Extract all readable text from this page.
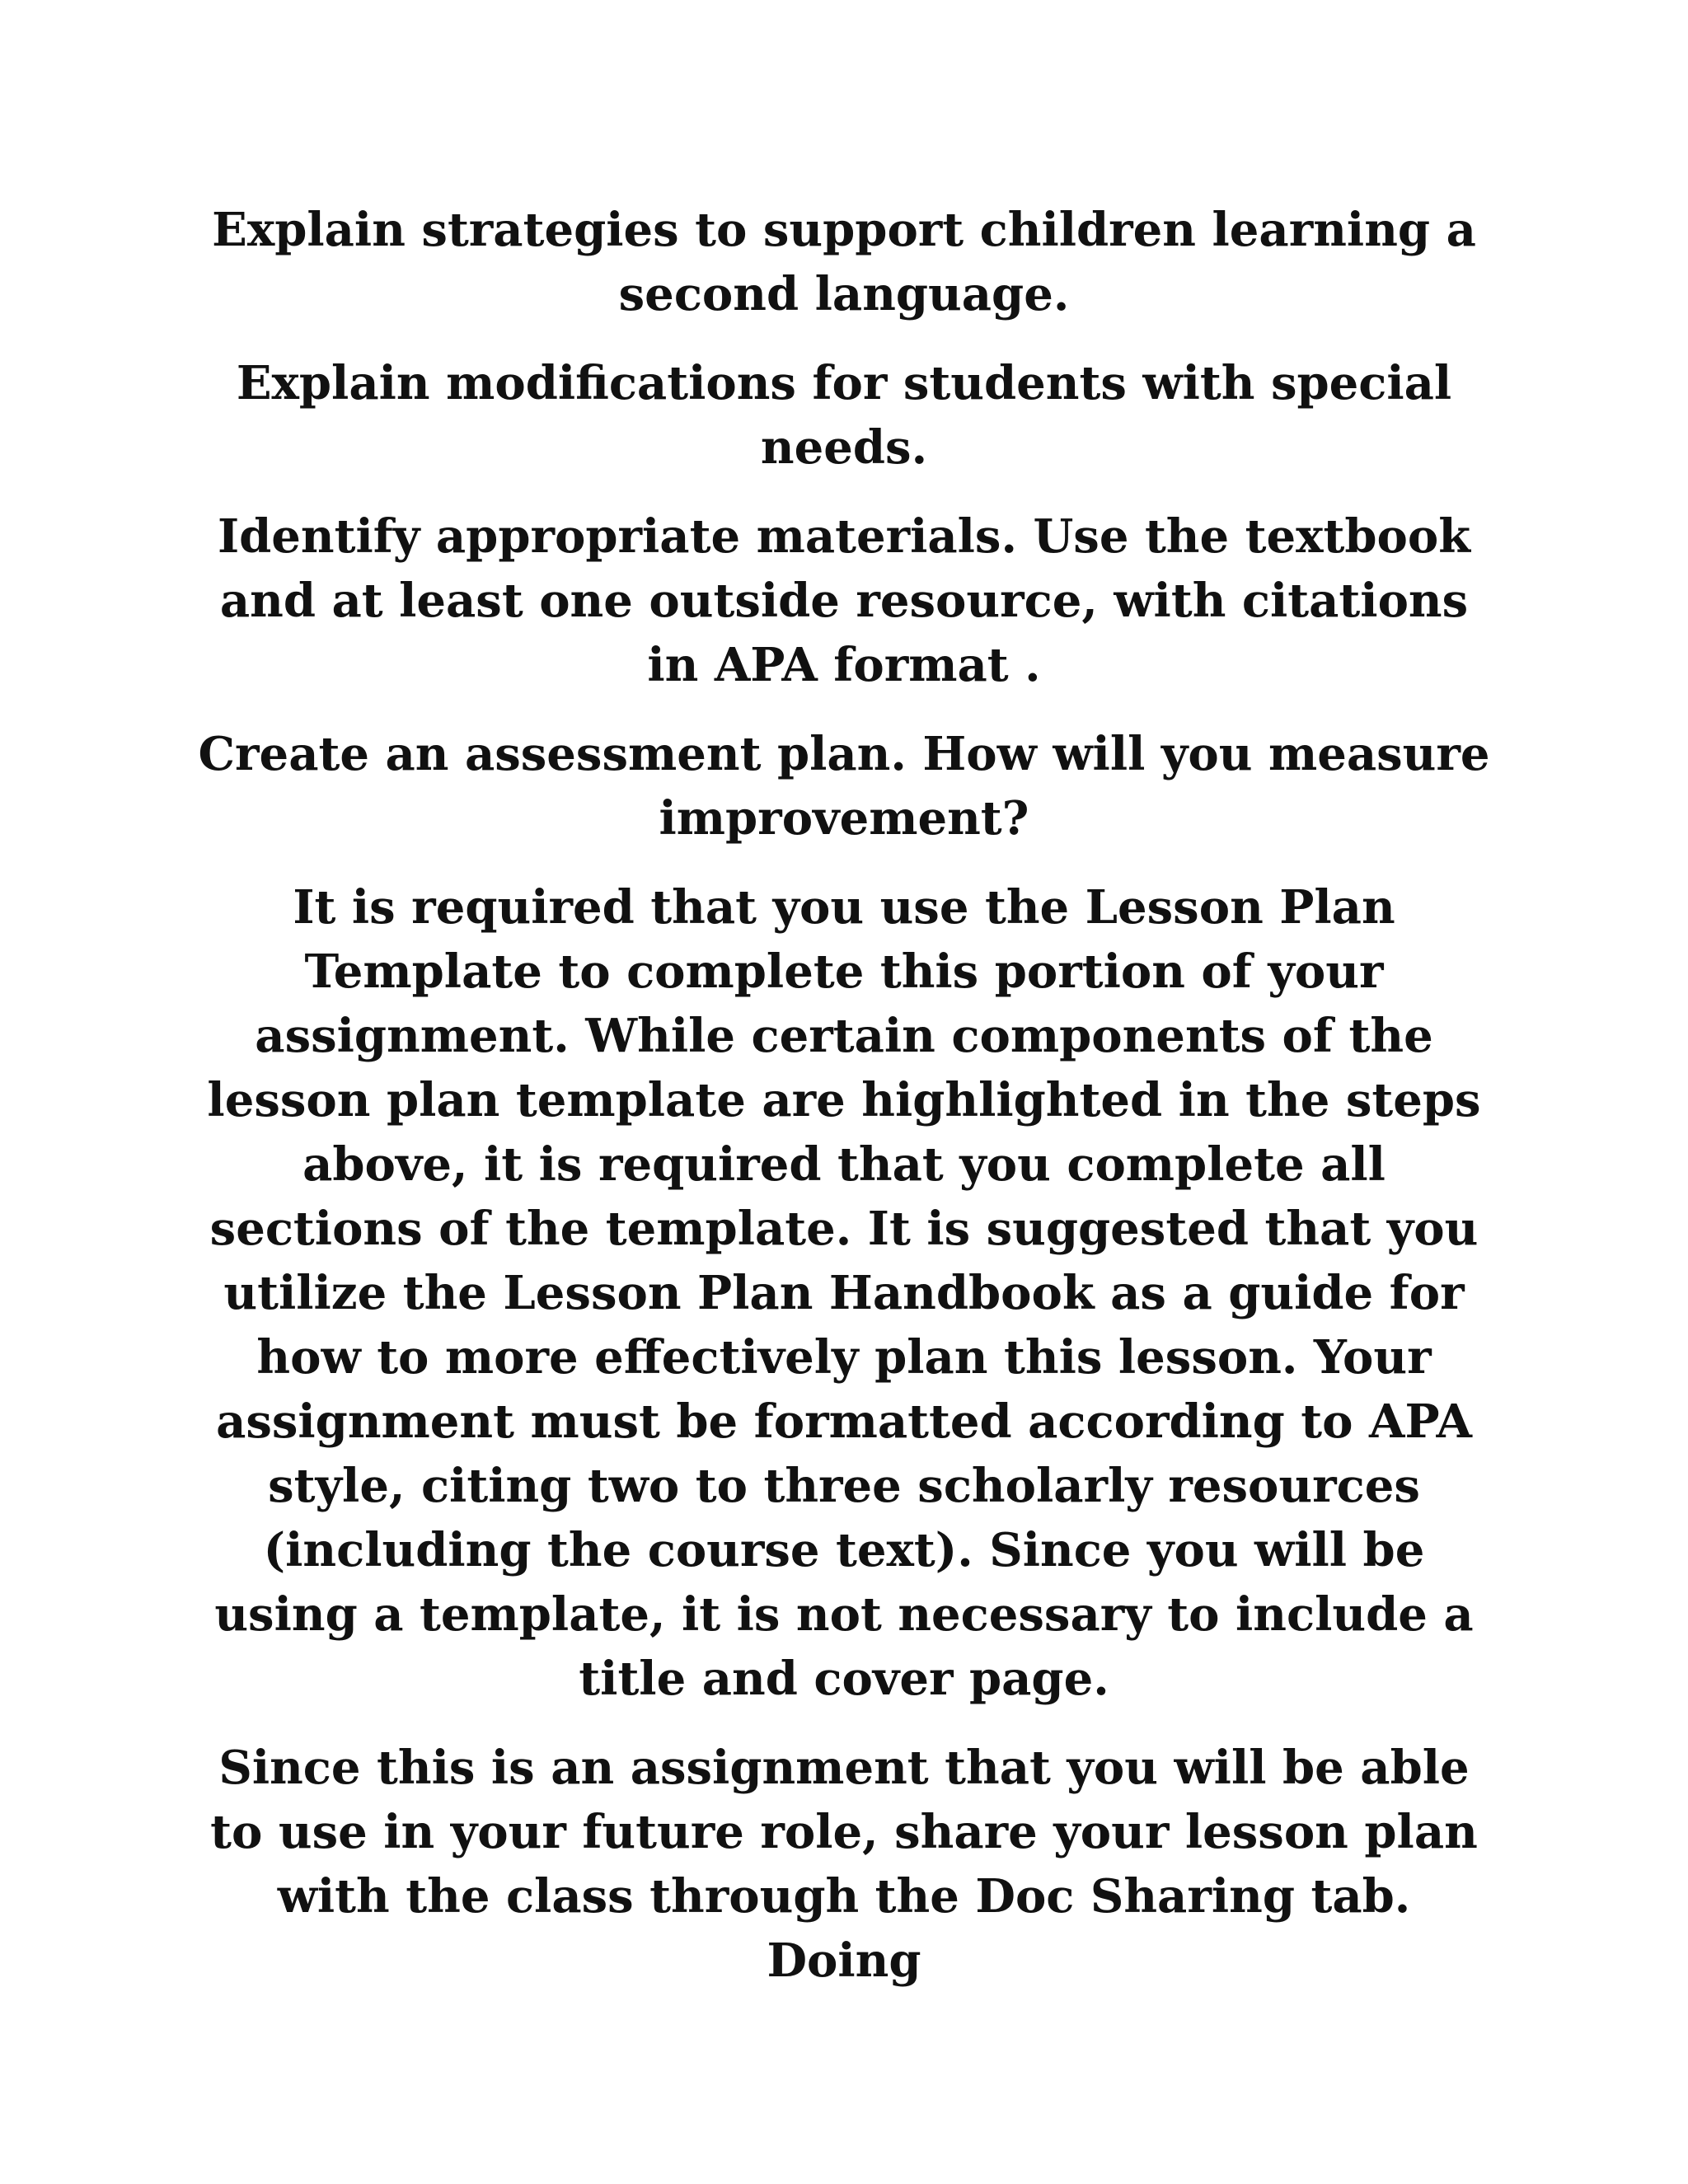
Explain strategies to support children learning a second language.

Explain modifications for students with special needs.

Identify appropriate materials. Use the textbook and at least one outside resource, with citations in APA format .

Create an assessment plan. How will you measure improvement?

It is required that you use the Lesson Plan Template to complete this portion of your assignment. While certain components of the lesson plan template are highlighted in the steps above, it is required that you complete all sections of the template. It is suggested that you utilize the Lesson Plan Handbook as a guide for how to more effectively plan this lesson. Your assignment must be formatted according to APA style, citing two to three scholarly resources (including the course text). Since you will be using a template, it is not necessary to include a title and cover page.

Since this is an assignment that you will be able to use in your future role, share your lesson plan with the class through the Doc Sharing tab. Doing
